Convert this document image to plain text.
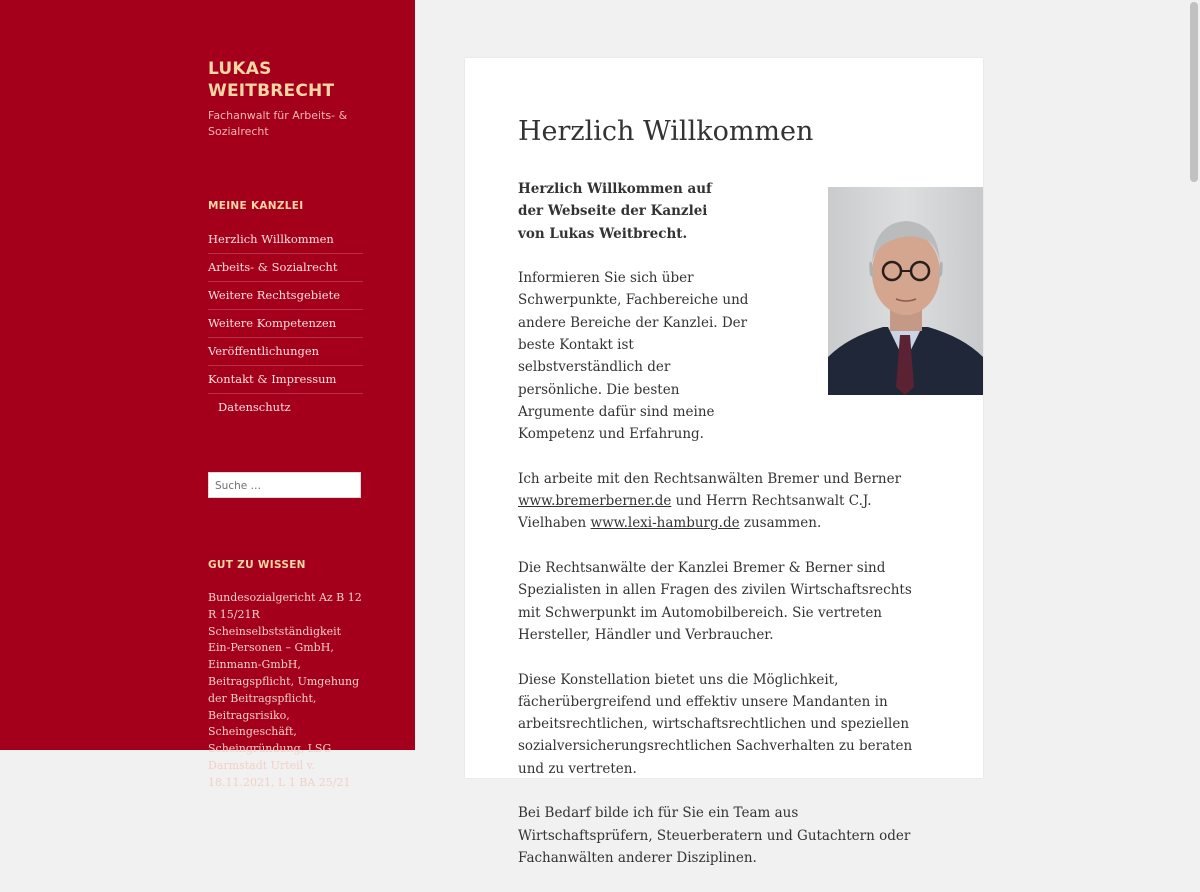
LUKAS WEITBRECHT
Fachanwalt für Arbeits- & Sozialrecht
MEINE KANZLEI
Herzlich Willkommen
Arbeits- & Sozialrecht
Weitere Rechtsgebiete
Weitere Kompetenzen
Veröffentlichungen
Kontakt & Impressum
Datenschutz
Suche …
GUT ZU WISSEN
Bundesozialgericht Az B 12 R 15/21R Scheinselbstständigkeit Ein-Personen – GmbH, Einmann-GmbH, Beitragspflicht, Umgehung der Beitragspflicht, Beitragsrisiko, Scheingeschäft, Scheingründung, LSG Darmstadt Urteil v. 18.11.2021, L 1 BA 25/21
Herzlich Willkommen

Herzlich Willkommen auf der Webseite der Kanzlei von Lukas Weitbrecht.

Informieren Sie sich über Schwerpunkte, Fachbereiche und andere Bereiche der Kanzlei. Der beste Kontakt ist selbstverständlich der persönliche. Die besten Argumente dafür sind meine Kompetenz und Erfahrung.

Ich arbeite mit den Rechtsanwälten Bremer und Berner www.bremerberner.de und Herrn Rechtsanwalt C.J. Vielhaben www.lexi-hamburg.de zusammen.

Die Rechtsanwälte der Kanzlei Bremer & Berner sind Spezialisten in allen Fragen des zivilen Wirtschaftsrechts mit Schwerpunkt im Automobilbereich. Sie vertreten Hersteller, Händler und Verbraucher.

Diese Konstellation bietet uns die Möglichkeit, fächerübergreifend und effektiv unsere Mandanten in arbeitsrechtlichen, wirtschaftsrechtlichen und speziellen sozialversicherungsrechtlichen Sachverhalten zu beraten und zu vertreten.

Bei Bedarf bilde ich für Sie ein Team aus Wirtschaftsprüfern, Steuerberatern und Gutachtern oder Fachanwälten anderer Disziplinen.
